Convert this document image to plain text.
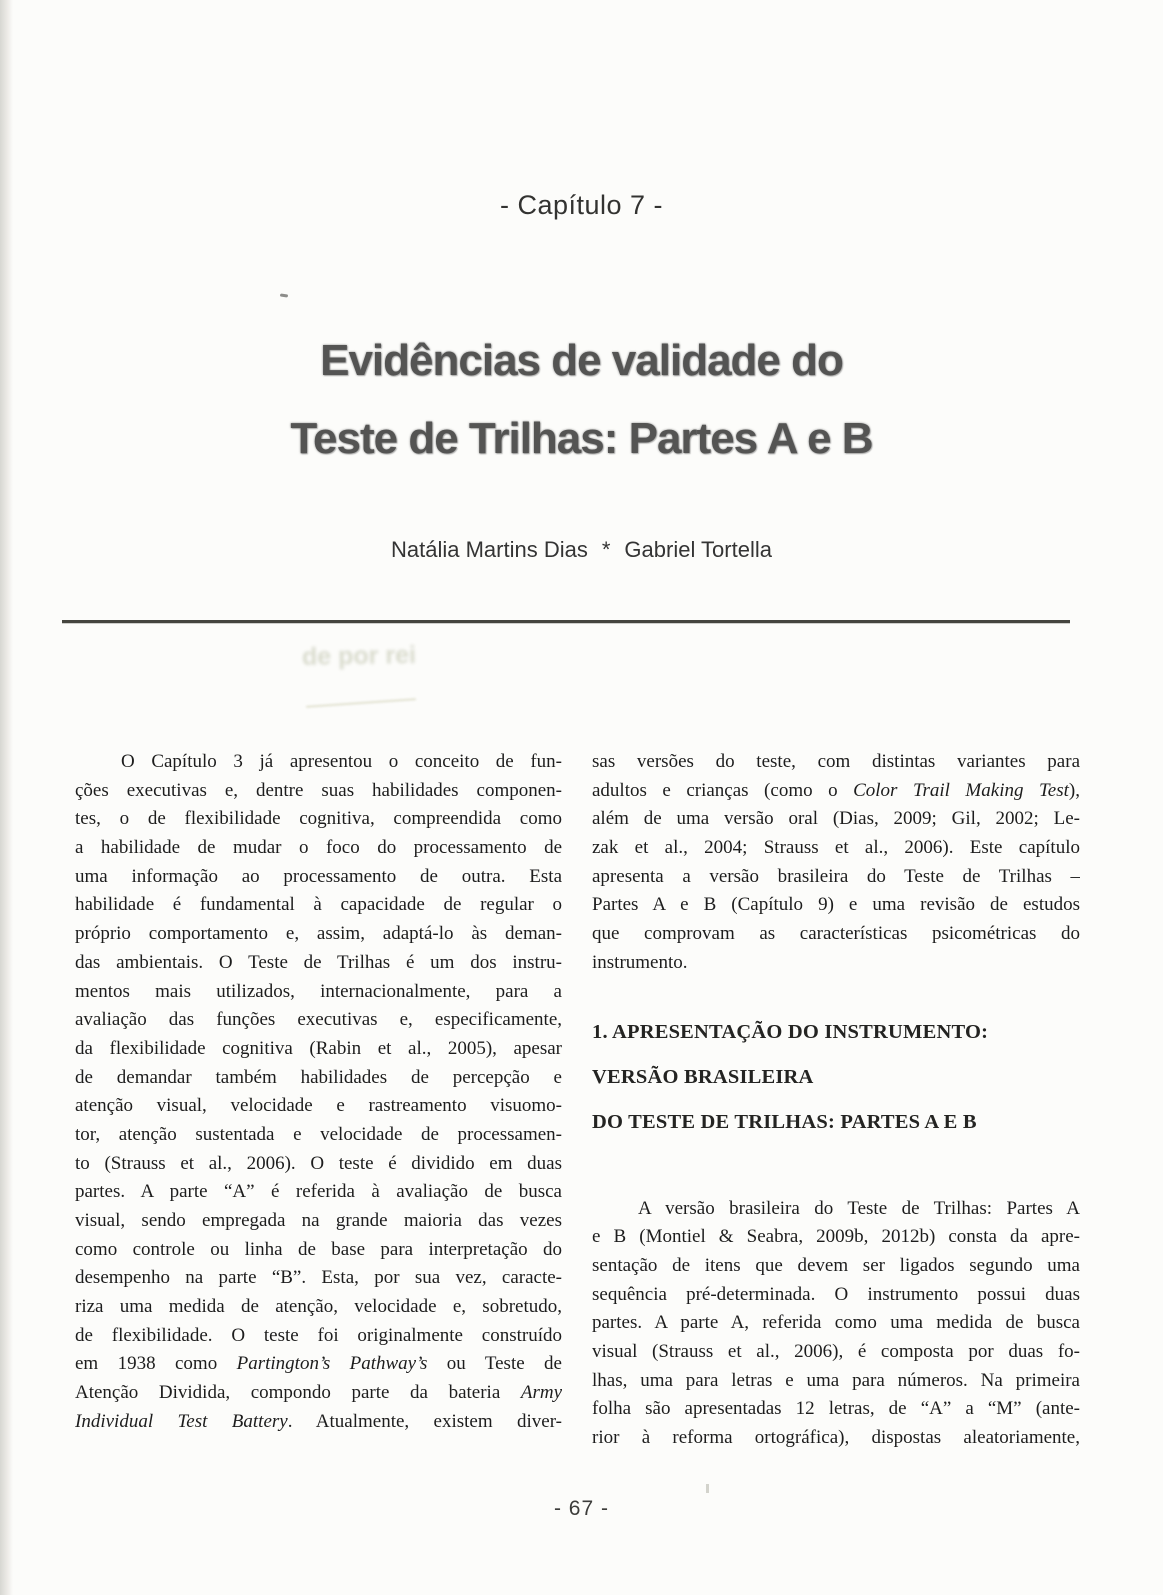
- Capítulo 7 -
Evidências de validade do
Teste de Trilhas: Partes A e B
Natália Martins Dias * Gabriel Tortella
de por rei
O Capítulo 3 já apresentou o conceito de fun-
ções executivas e, dentre suas habilidades componen-
tes, o de flexibilidade cognitiva, compreendida como
a habilidade de mudar o foco do processamento de
uma informação ao processamento de outra. Esta
habilidade é fundamental à capacidade de regular o
próprio comportamento e, assim, adaptá-lo às deman-
das ambientais. O Teste de Trilhas é um dos instru-
mentos mais utilizados, internacionalmente, para a
avaliação das funções executivas e, especificamente,
da flexibilidade cognitiva (Rabin et al., 2005), apesar
de demandar também habilidades de percepção e
atenção visual, velocidade e rastreamento visuomo-
tor, atenção sustentada e velocidade de processamen-
to (Strauss et al., 2006). O teste é dividido em duas
partes. A parte “A” é referida à avaliação de busca
visual, sendo empregada na grande maioria das vezes
como controle ou linha de base para interpretação do
desempenho na parte “B”. Esta, por sua vez, caracte-
riza uma medida de atenção, velocidade e, sobretudo,
de flexibilidade. O teste foi originalmente construído
em 1938 como Partington’s Pathway’s ou Teste de
Atenção Dividida, compondo parte da bateria Army
Individual Test Battery. Atualmente, existem diver-
sas versões do teste, com distintas variantes para
adultos e crianças (como o Color Trail Making Test),
além de uma versão oral (Dias, 2009; Gil, 2002; Le-
zak et al., 2004; Strauss et al., 2006). Este capítulo
apresenta a versão brasileira do Teste de Trilhas –
Partes A e B (Capítulo 9) e uma revisão de estudos
que comprovam as características psicométricas do
instrumento.
1. APRESENTAÇÃO DO INSTRUMENTO:
VERSÃO BRASILEIRA
DO TESTE DE TRILHAS: PARTES A E B
A versão brasileira do Teste de Trilhas: Partes A
e B (Montiel & Seabra, 2009b, 2012b) consta da apre-
sentação de itens que devem ser ligados segundo uma
sequência pré-determinada. O instrumento possui duas
partes. A parte A, referida como uma medida de busca
visual (Strauss et al., 2006), é composta por duas fo-
lhas, uma para letras e uma para números. Na primeira
folha são apresentadas 12 letras, de “A” a “M” (ante-
rior à reforma ortográfica), dispostas aleatoriamente,
- 67 -
